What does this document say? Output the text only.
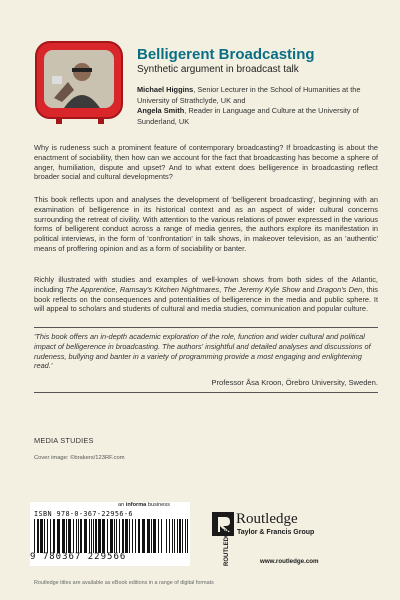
Belligerent Broadcasting
Synthetic argument in broadcast talk
Michael Higgins, Senior Lecturer in the School of Humanities at the University of Strathclyde, UK and
Angela Smith, Reader in Language and Culture at the University of Sunderland, UK

Why is rudeness such a prominent feature of contemporary broadcasting? If broadcasting is about the enactment of sociability, then how can we account for the fact that broadcasting has become a sphere of anger, humiliation, dispute and upset? And to what extent does belligerence in broadcasting reflect broader social and cultural developments?

This book reflects upon and analyses the development of 'belligerent broadcasting', beginning with an examination of belligerence in its historical context and as an aspect of wider cultural concerns surrounding the retreat of civility. With attention to the various relations of power expressed in the various forms of belligerent conduct across a range of media genres, the authors explore its manifestation in political interviews, in the form of 'confrontation' in talk shows, in makeover television, as an 'authentic' means of proffering opinion and as a form of sociability or banter.

Richly illustrated with studies and examples of well-known shows from both sides of the Atlantic, including The Apprentice, Ramsay's Kitchen Nightmares, The Jeremy Kyle Show and Dragon's Den, this book reflects on the consequences and potentialities of belligerence in the media and public sphere. It will appeal to scholars and students of cultural and media studies, communication and popular culture.

'This book offers an in-depth academic exploration of the role, function and wider cultural and political impact of belligerence in broadcasting. The authors' insightful and detailed analyses and discussions of rudeness, bullying and banter in a variety of programming provide a most engaging and enlightening read.'

Professor Åsa Kroon, Örebro University, Sweden.
MEDIA STUDIES
Cover image: ©brakers/123RF.com
an informa business
ISBN 978-0-367-22956-6
9 780367 229566	ROUTLEDGE
Routledge
Taylor & Francis Group
www.routledge.com
Routledge titles are available as eBook editions in a range of digital formats
